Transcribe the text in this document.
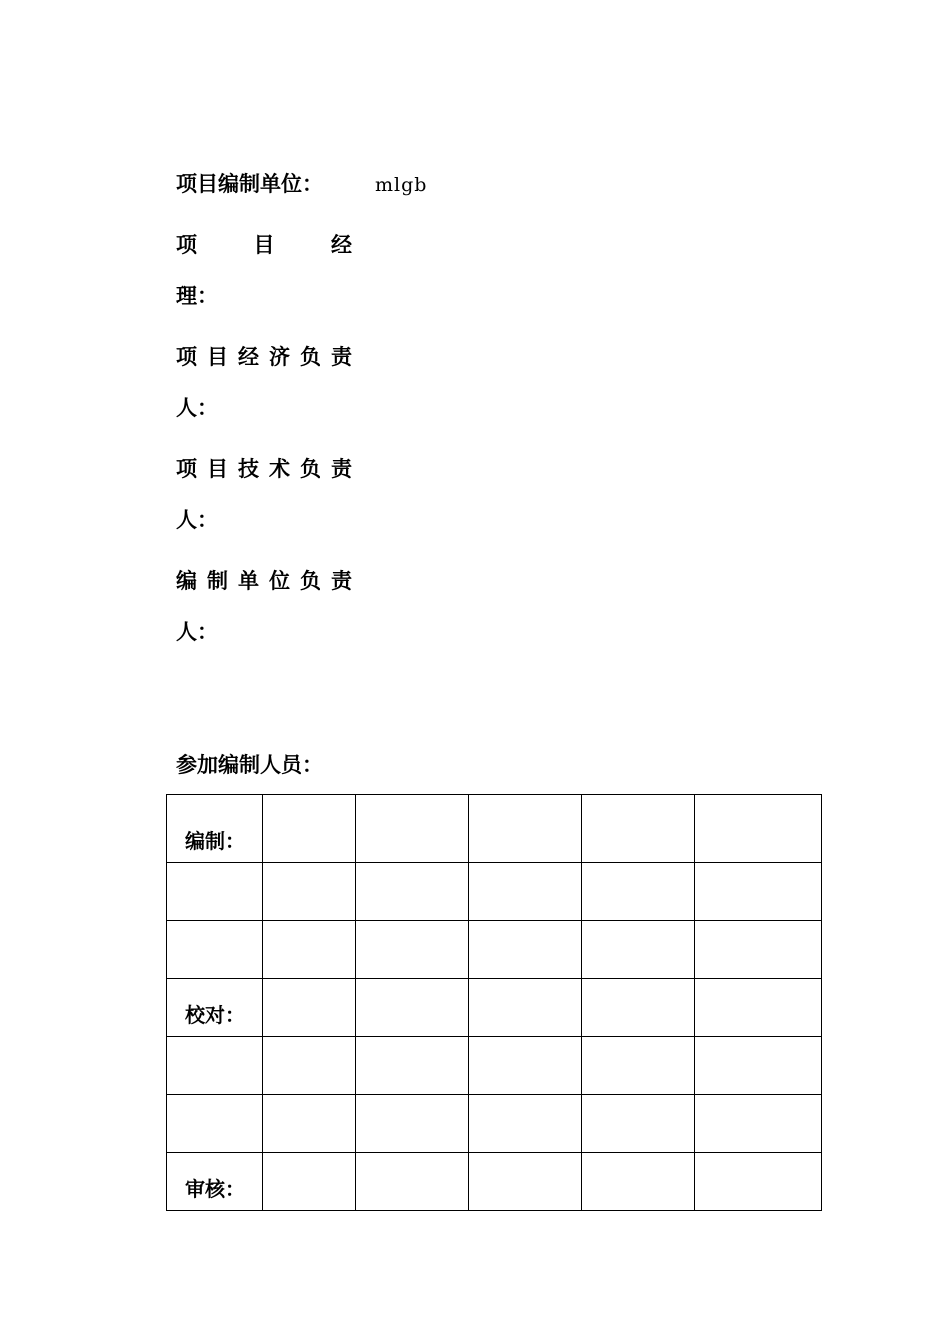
项目编制单位：	mlgb
项	目	经
理：
项 目 经 济 负 责
人：
项 目 技 术 负 责
人：
编 制 单 位 负 责
人：
参加编制人员：
编制：					

校对：					

审核：					
